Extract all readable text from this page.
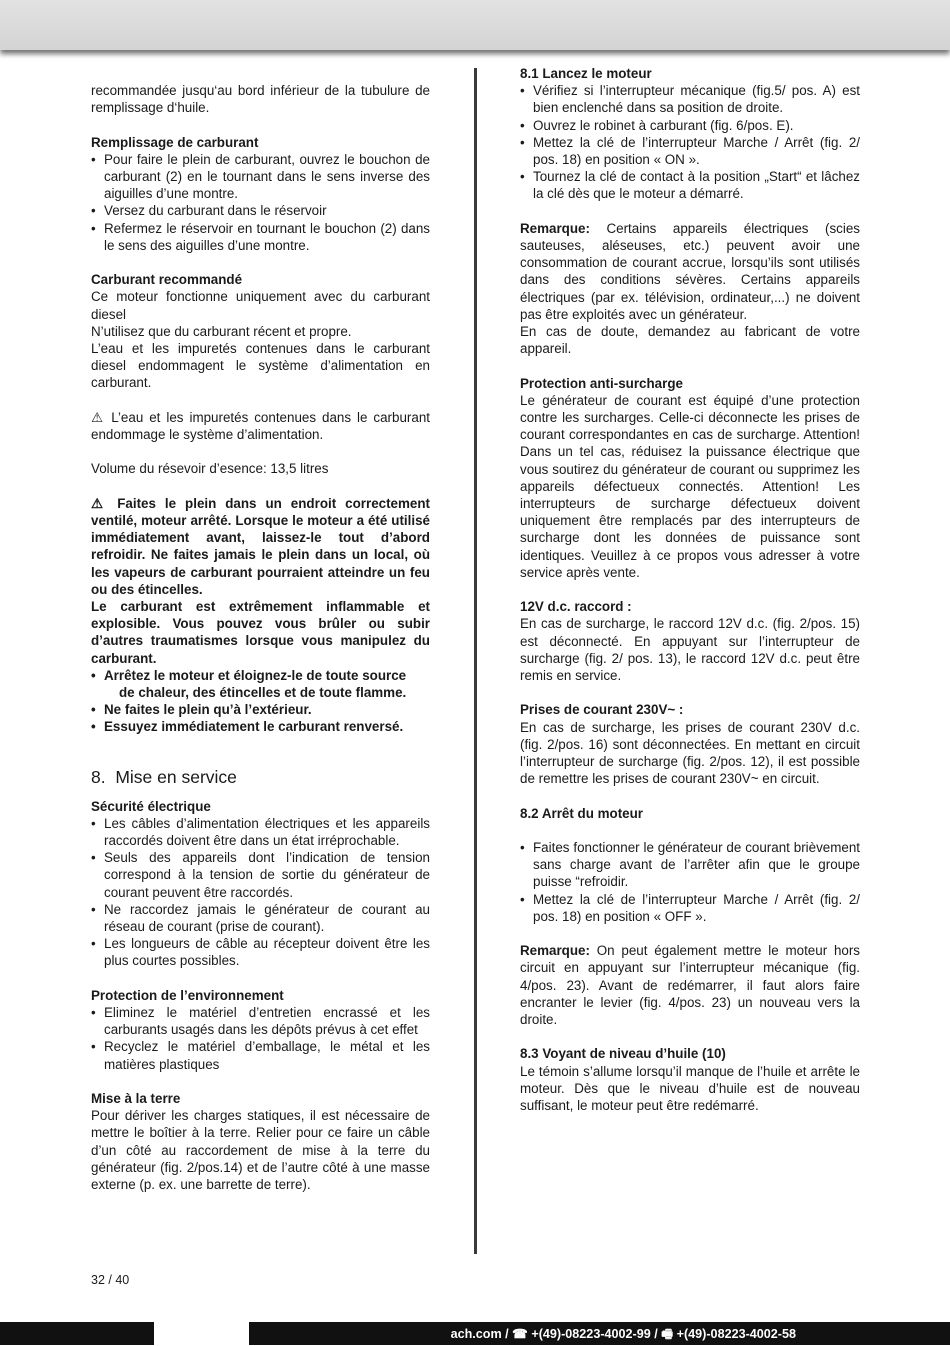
recommandée jusqu‘au bord inférieur de la tubulure de remplissage d‘huile.

Remplissage de carburant
• Pour faire le plein de carburant, ouvrez le bouchon de carburant (2) en le tournant dans le sens inverse des aiguilles d’une montre.
• Versez du carburant dans le réservoir
• Refermez le réservoir en tournant le bouchon (2) dans le sens des aiguilles d’une montre.
Carburant recommandé

Ce moteur fonctionne uniquement avec du carburant diesel

N’utilisez que du carburant récent et propre.

L’eau et les impuretés contenues dans le carburant diesel endommagent le système d’alimentation en carburant.

⚠ L’eau et les impuretés contenues dans le carburant endommage le système d’alimentation.

Volume du résevoir d’esence: 13,5 litres

⚠ Faites le plein dans un endroit correctement ventilé, moteur arrêté. Lorsque le moteur a été utilisé immédiatement avant, laissez-le tout d’abord refroidir. Ne faites jamais le plein dans un local, où les vapeurs de carburant pourraient atteindre un feu ou des étincelles.

Le carburant est extrêmement inflammable et explosible. Vous pouvez vous brûler ou subir d’autres traumatismes lorsque vous manipulez du carburant.

• Arrêtez le moteur et éloignez-le de toute source
de chaleur, des étincelles et de toute flamme.
• Ne faites le plein qu’à l’extérieur.
• Essuyez immédiatement le carburant renversé.
8. Mise en service
Sécurité électrique
• Les câbles d’alimentation électriques et les appareils raccordés doivent être dans un état irréprochable.
• Seuls des appareils dont l’indication de tension correspond à la tension de sortie du générateur de courant peuvent être raccordés.
• Ne raccordez jamais le générateur de courant au réseau de courant (prise de courant).
• Les longueurs de câble au récepteur doivent être les plus courtes possibles.
Protection de l’environnement
• Eliminez le matériel d’entretien encrassé et les carburants usagés dans les dépôts prévus à cet effet
• Recyclez le matériel d’emballage, le métal et les matières plastiques
Mise à la terre

Pour dériver les charges statiques, il est nécessaire de mettre le boîtier à la terre. Relier pour ce faire un câble d’un côté au raccordement de mise à la terre du générateur (fig. 2/pos.14) et de l’autre côté à une masse externe (p. ex. une barrette de terre).

8.1 Lancez le moteur
• Vérifiez si l’interrupteur mécanique (fig.5/ pos. A) est bien enclenché dans sa position de droite.
• Ouvrez le robinet à carburant (fig. 6/pos. E).
• Mettez la clé de l’interrupteur Marche / Arrêt (fig. 2/ pos. 18) en position « ON ».
• Tournez la clé de contact à la position „Start“ et lâchez la clé dès que le moteur a démarré.

Remarque: Certains appareils électriques (scies sauteuses, aléseuses, etc.) peuvent avoir une consommation de courant accrue, lorsqu’ils sont utilisés dans des conditions sévères. Certains appareils électriques (par ex. télévision, ordinateur,...) ne doivent pas être exploités avec un générateur.

En cas de doute, demandez au fabricant de votre appareil.

Protection anti-surcharge

Le générateur de courant est équipé d’une protection contre les surcharges. Celle-ci déconnecte les prises de courant correspondantes en cas de surcharge. Attention! Dans un tel cas, réduisez la puissance électrique que vous soutirez du générateur de courant ou supprimez les appareils défectueux connectés. Attention! Les interrupteurs de surcharge défectueux doivent uniquement être remplacés par des interrupteurs de surcharge dont les données de puissance sont identiques. Veuillez à ce propos vous adresser à votre service après vente.

12V d.c. raccord :

En cas de surcharge, le raccord 12V d.c. (fig. 2/pos. 15) est déconnecté. En appuyant sur l’interrupteur de surcharge (fig. 2/ pos. 13), le raccord 12V d.c. peut être remis en service.

Prises de courant 230V~ :

En cas de surcharge, les prises de courant 230V d.c. (fig. 2/pos. 16) sont déconnectées. En mettant en circuit l’interrupteur de surcharge (fig. 2/pos. 12), il est possible de remettre les prises de courant 230V~ en circuit.

8.2 Arrêt du moteur
• Faites fonctionner le générateur de courant brièvement sans charge avant de l’arrêter afin que le groupe puisse “refroidir.
• Mettez la clé de l’interrupteur Marche / Arrêt (fig. 2/ pos. 18) en position « OFF ».

Remarque: On peut également mettre le moteur hors circuit en appuyant sur l’interrupteur mécanique (fig. 4/pos. 23). Avant de redémarrer, il faut alors faire encranter le levier (fig. 4/pos. 23) un nouveau vers la droite.

8.3 Voyant de niveau d’huile (10)

Le témoin s’allume lorsqu’il manque de l’huile et arrête le moteur. Dès que le niveau d’huile est de nouveau suffisant, le moteur peut être redémarré.

32 / 40
ach.com / ☎ +(49)-08223-4002-99 / 🖷 +(49)-08223-4002-58
